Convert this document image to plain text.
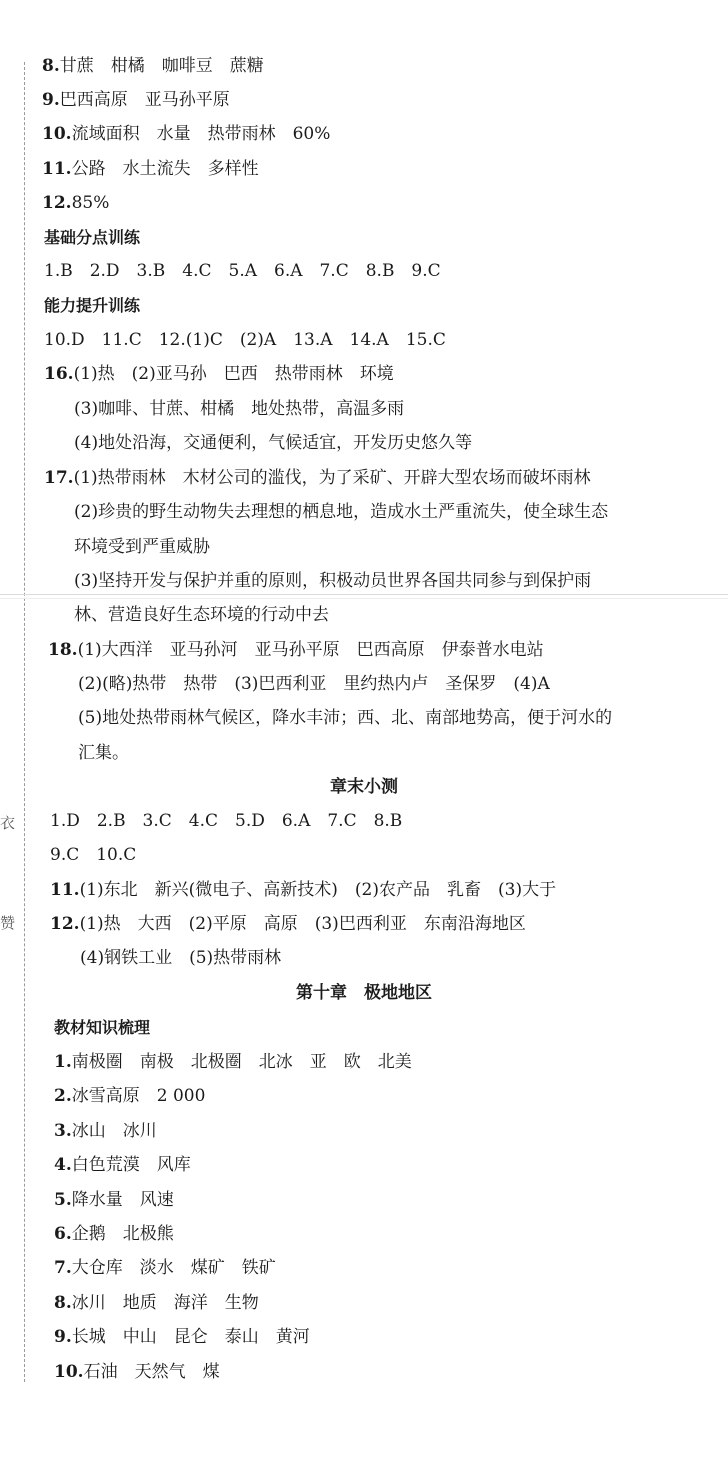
衣
赞
8.甘蔗　柑橘　咖啡豆　蔗糖
9.巴西高原　亚马孙平原
10.流域面积　水量　热带雨林　60%
11.公路　水土流失　多样性
12.85%
基础分点训练
1.B　2.D　3.B　4.C　5.A　6.A　7.C　8.B　9.C
能力提升训练
10.D　11.C　12.(1)C　(2)A　13.A　14.A　15.C
16.(1)热　(2)亚马孙　巴西　热带雨林　环境
(3)咖啡、甘蔗、柑橘　地处热带，高温多雨
(4)地处沿海，交通便利，气候适宜，开发历史悠久等
17.(1)热带雨林　木材公司的滥伐，为了采矿、开辟大型农场而破坏雨林
(2)珍贵的野生动物失去理想的栖息地，造成水土严重流失，使全球生态
环境受到严重威胁
(3)坚持开发与保护并重的原则，积极动员世界各国共同参与到保护雨
林、营造良好生态环境的行动中去
18.(1)大西洋　亚马孙河　亚马孙平原　巴西高原　伊泰普水电站
(2)(略)热带　热带　(3)巴西利亚　里约热内卢　圣保罗　(4)A
(5)地处热带雨林气候区，降水丰沛；西、北、南部地势高，便于河水的
汇集。
章末小测
1.D　2.B　3.C　4.C　5.D　6.A　7.C　8.B
9.C　10.C
11.(1)东北　新兴(微电子、高新技术)　(2)农产品　乳畜　(3)大于
12.(1)热　大西　(2)平原　高原　(3)巴西利亚　东南沿海地区
(4)钢铁工业　(5)热带雨林
第十章　极地地区
教材知识梳理
1.南极圈　南极　北极圈　北冰　亚　欧　北美
2.冰雪高原　2 000
3.冰山　冰川
4.白色荒漠　风库
5.降水量　风速
6.企鹅　北极熊
7.大仓库　淡水　煤矿　铁矿
8.冰川　地质　海洋　生物
9.长城　中山　昆仑　泰山　黄河
10.石油　天然气　煤
